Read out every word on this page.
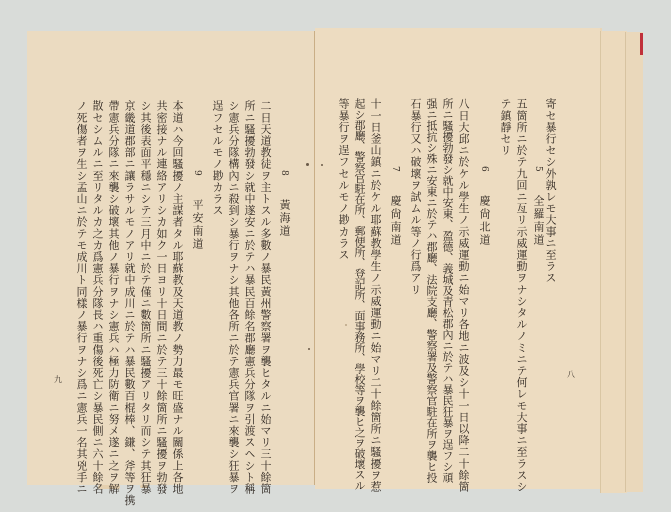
寄セ暴行セシ外孰レモ大事ニ至ラス
5  全羅南道
五箇所ニ於テ九回ニ亙リ示威運動ヲナシタルノミニテ何レモ大事ニ至ラスシ
テ鎮靜セリ
6  慶尙北道
八日大邱ニ於ケル學生ノ示威運動ニ始マリ各地ニ波及シ十一日以降二十餘箇
所ニ騷擾勃發シ就中安東、盈德、義城及青松郡內ニ於テハ暴民狂暴ヲ逞フシ頑
强ニ抵抗シ殊ニ安東ニ於テハ郡廳、法院支廳、警察署及警察官駐在所ヲ襲ヒ投
石暴行又ハ破壞ヲ試ムル等ノ行爲アリ
7  慶尙南道
十一日釜山鎮ニ於ケル耶蘇教學生ノ示威運動ニ始マリ二十餘箇所ニ騷擾ヲ惹
起シ郡廳、警察官駐在所、郵便所、登記所、面事務所、學校等ヲ襲ヒ之ヲ破壞スル
等暴行ヲ逞フセルモノ尠カラス
八
8  黃海道
二日天道教徒ヲ主トスル多數ノ暴民黃州警察署ヲ襲ヒタルニ始マリ三十餘箇
所ニ騷擾勃發シ就中遂安ニ於テハ暴民百餘名郡廳憲兵分隊ヲ引渡スヘシト稱
シ憲兵分隊構內ニ殺到シ暴行ヲナシ其他各所ニ於テ憲兵官署ニ來襲シ狂暴ヲ
逞フセルモノ尠カラス
9  平安南道
本道ハ今回騷擾ノ主謀者タル耶蘇教及天道教ノ勢力最モ旺盛ナル關係上各地
共密接ナル連絡アリシカ如ク一日ヨリ十日間ニ於テ三十餘箇所ニ騷擾ヲ勃發
シ其後表面平穩ニシテ三月中ニ於テ僅ニ數箇所ニ騷擾アリタリ而シテ其狂暴
京畿道郡部ニ讓ラサルモノアリ就中成川ニ於テハ暴民數百棍棒、鎌、斧等ヲ携
帶憲兵分隊ニ來襲シ破壞其他ノ暴行ヲナシ憲兵ハ極力防衛ニ努メ遂ニ之ヲ解
散セシムルニ至リタルカ之カ爲憲兵分隊長ハ重傷後死亡シ暴民側ニ六十餘名
ノ死傷者ヲ生シ孟山ニ於テモ成川ト同樣ノ暴行ヲナシ爲ニ憲兵一名其兇手ニ
九
